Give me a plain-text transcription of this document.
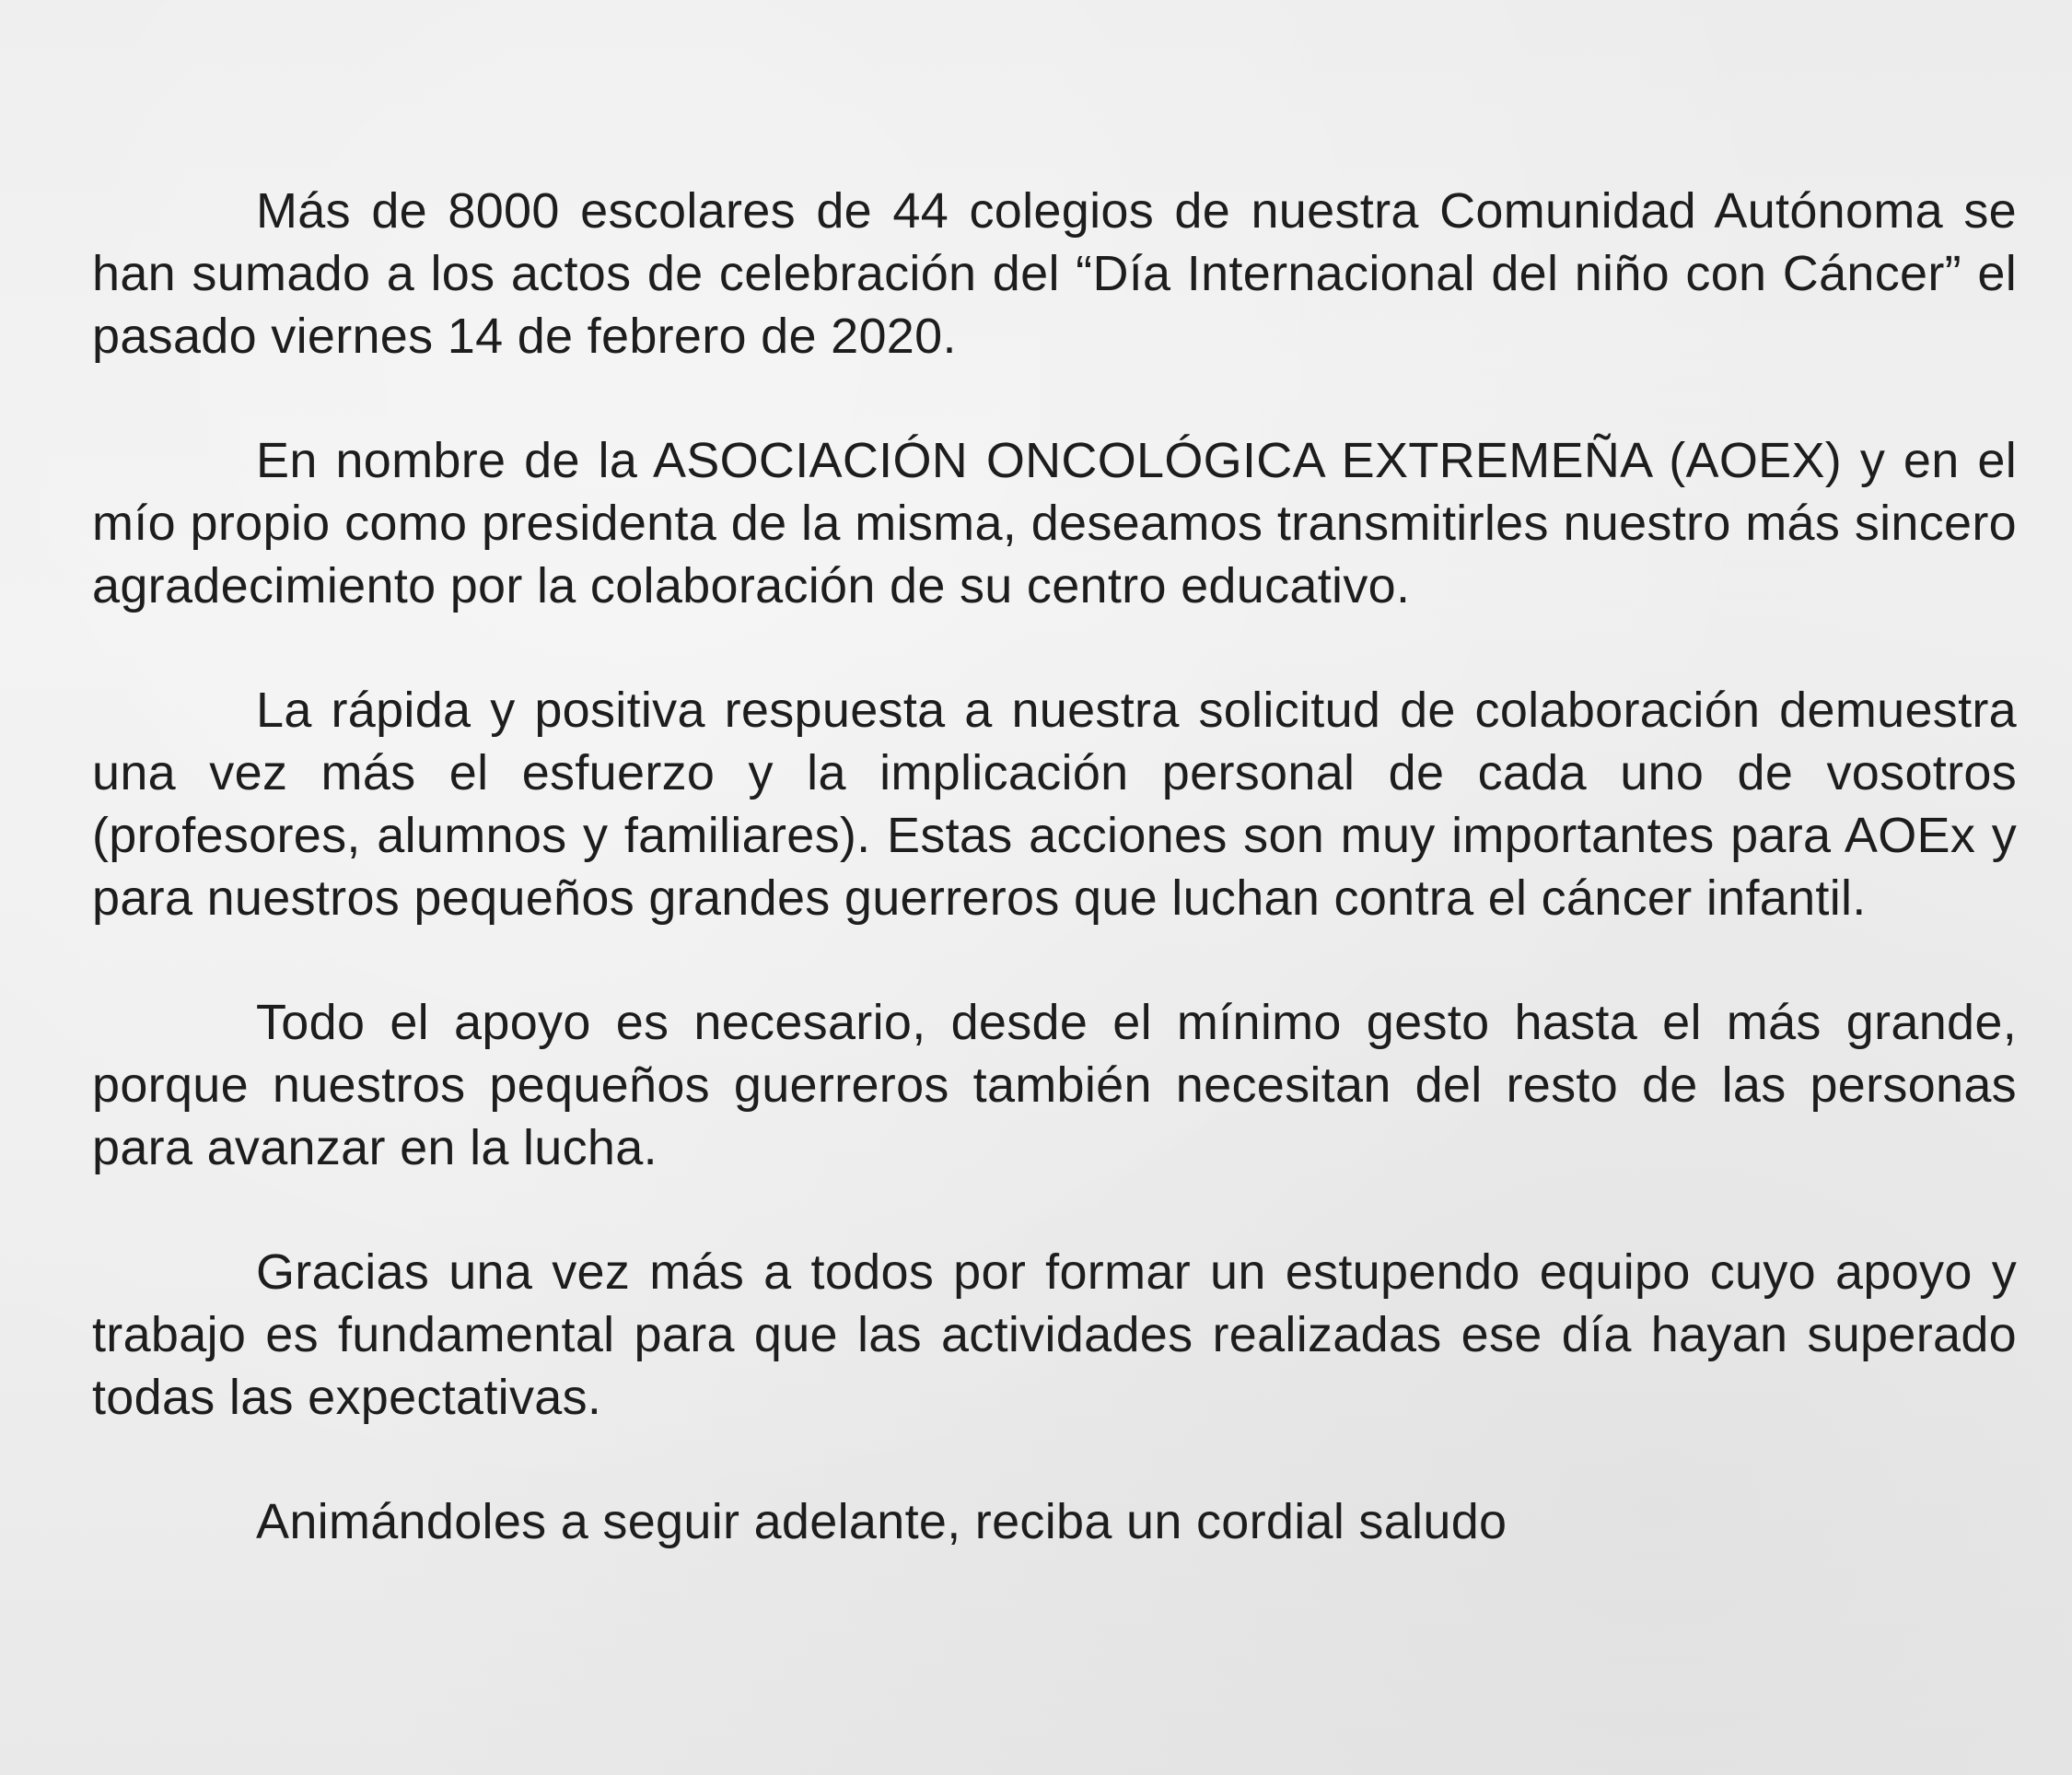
Más de 8000 escolares de 44 colegios de nuestra Comunidad Autónoma se han sumado a los actos de celebración del “Día Internacional del niño con Cáncer” el pasado viernes 14 de febrero de 2020.

En nombre de la ASOCIACIÓN ONCOLÓGICA EXTREMEÑA (AOEX) y en el mío propio como presidenta de la misma, deseamos transmitirles nuestro más sincero agradecimiento por la colaboración de su centro educativo.

La rápida y positiva respuesta a nuestra solicitud de colaboración demuestra una vez más el esfuerzo y la implicación personal de cada uno de vosotros (profesores, alumnos y familiares). Estas acciones son muy importantes para AOEx y para nuestros pequeños grandes guerreros que luchan contra el cáncer infantil.

Todo el apoyo es necesario, desde el mínimo gesto hasta el más grande, porque nuestros pequeños guerreros también necesitan del resto de las personas para avanzar en la lucha.

Gracias una vez más a todos por formar un estupendo equipo cuyo apoyo y trabajo es fundamental para que las actividades realizadas ese día hayan superado todas las expectativas.

Animándoles a seguir adelante, reciba un cordial saludo
